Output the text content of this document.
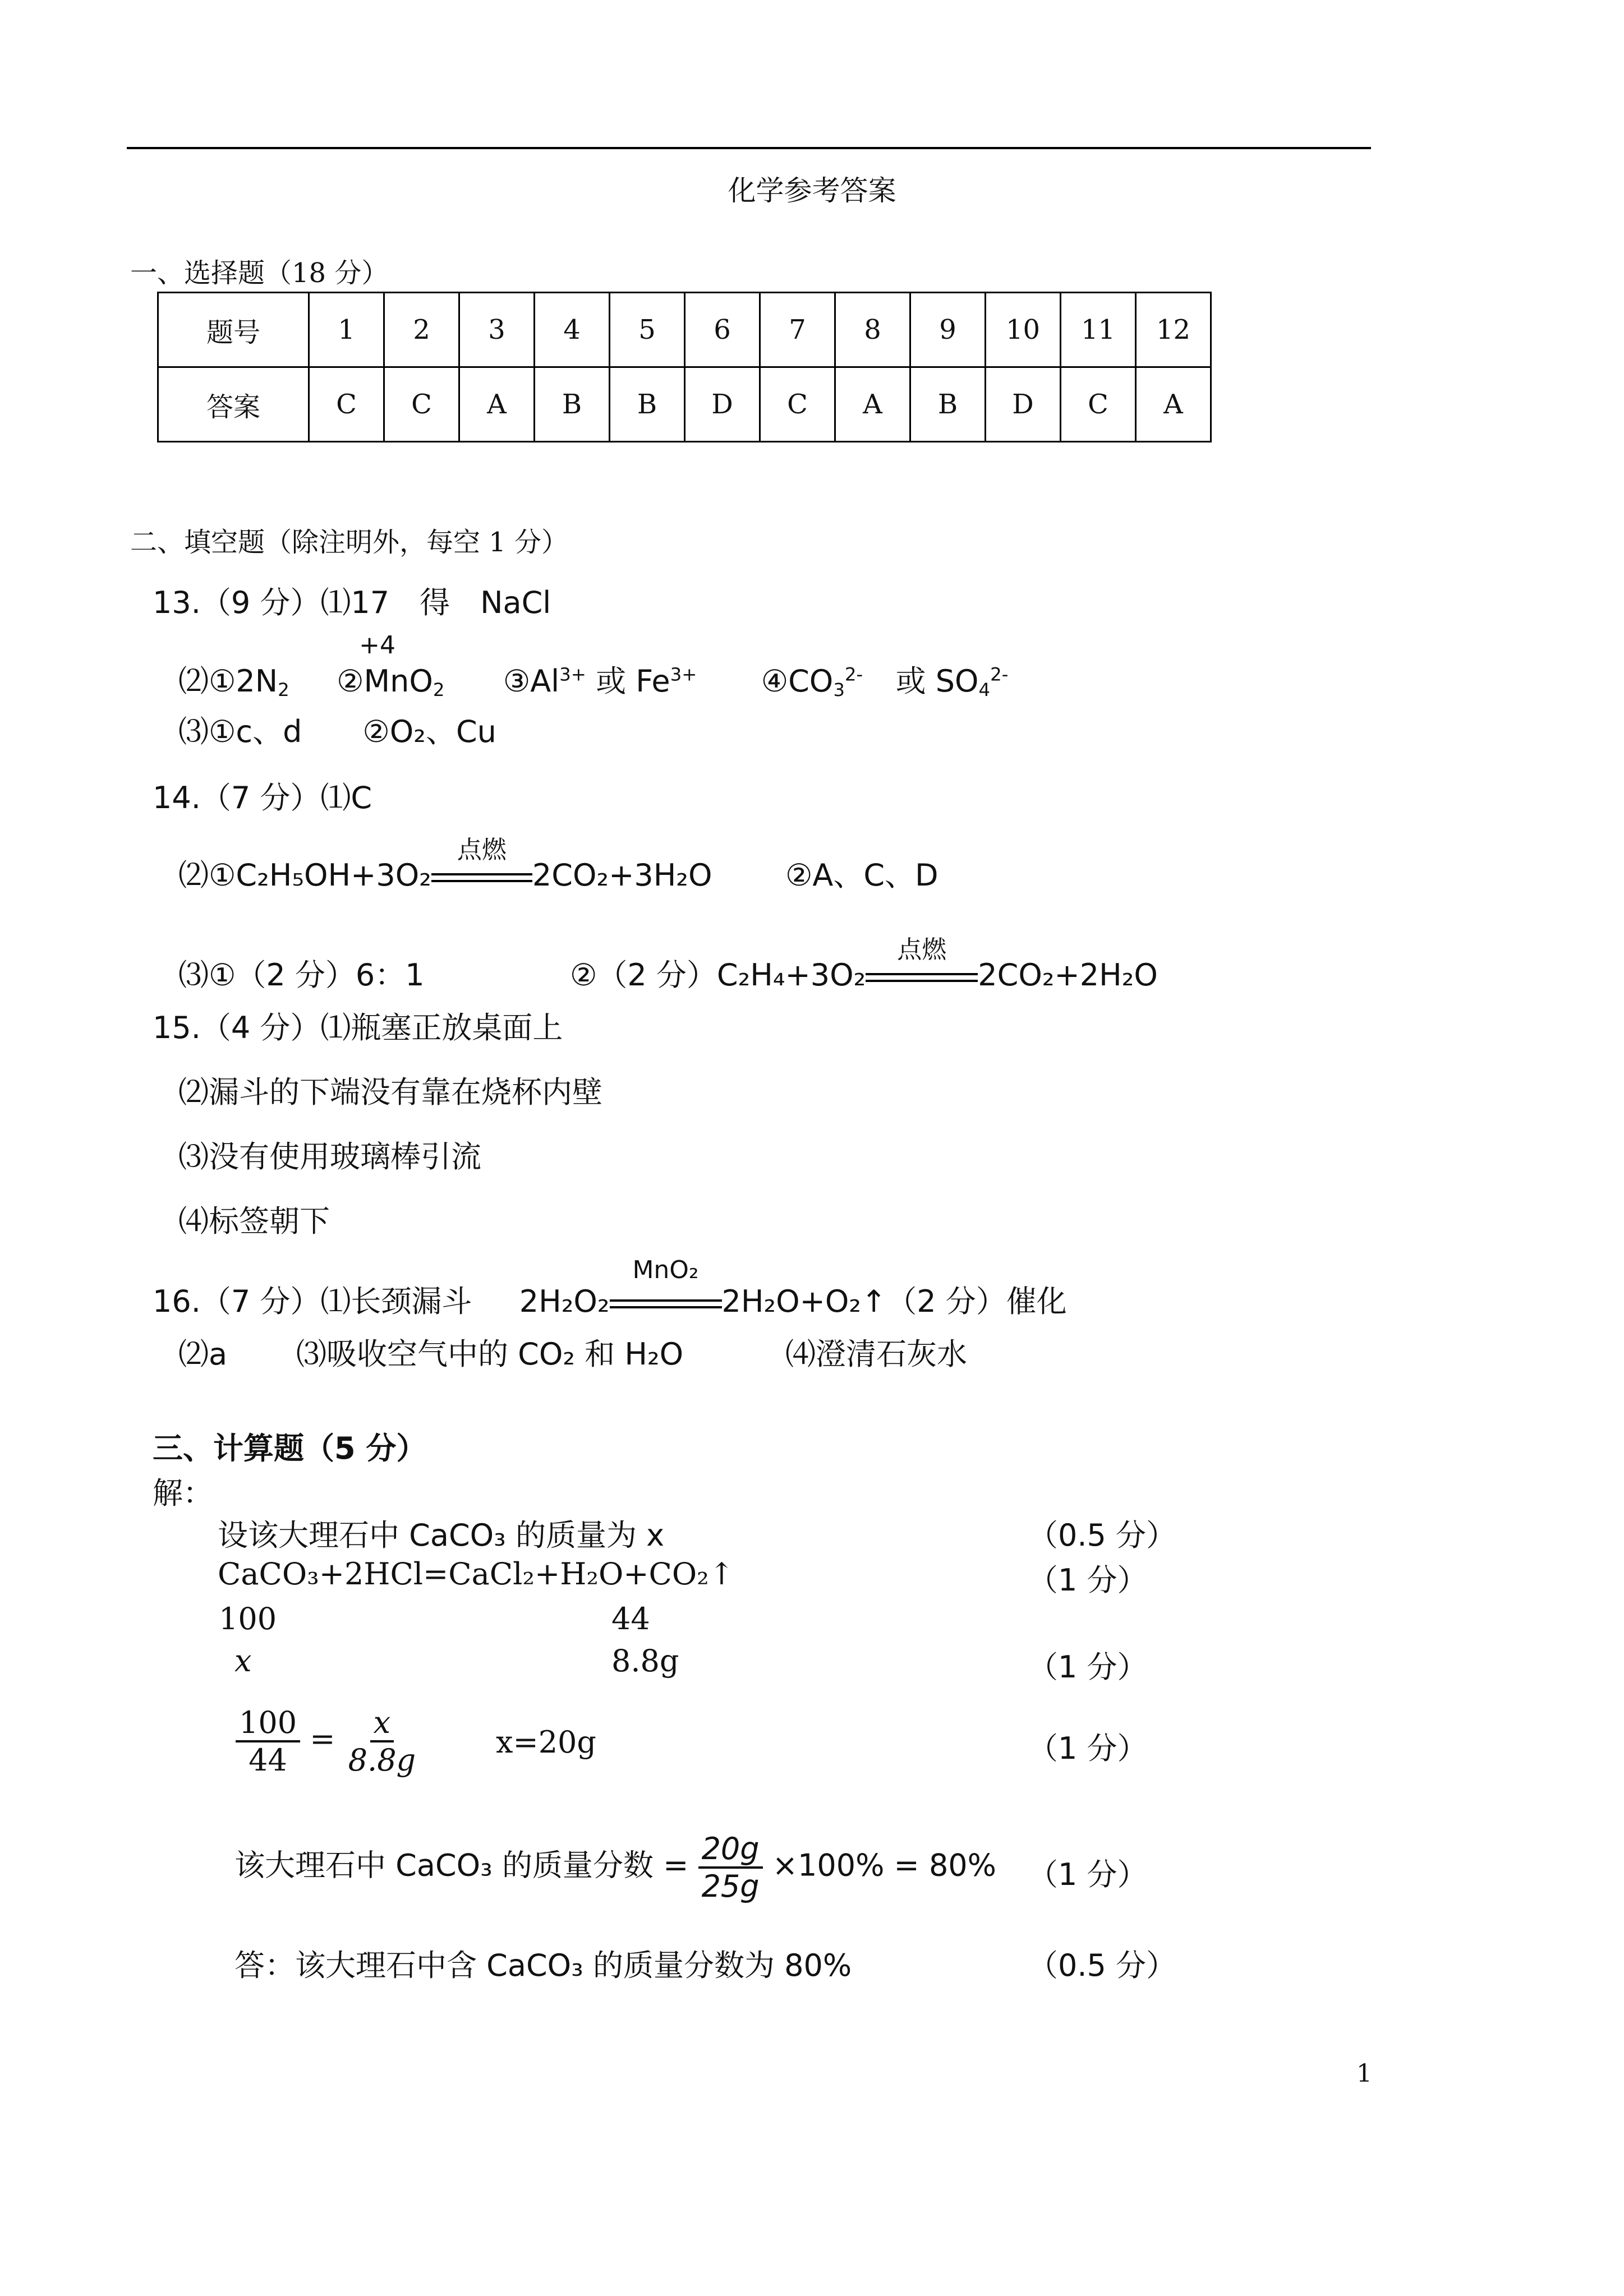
化学参考答案
一、选择题（18 分）
题号	1	2	3	4	5	6	7	8	9	10	11	12
答案	C	C	A	B	B	D	C	A	B	D	C	A
二、填空题（除注明外，每空 1 分）
13.（9 分）⑴17　得　NaCl
$⑵①2N_2$
+4
②MnO$_2$ $③Al^{3+}$ 或 $Fe^{3+}$ $④CO_3^{2-}$ 或 $SO_4^{2-}$
⑶①c、d　　②O₂、Cu
14.（7 分）⑴C
⑵①C₂H₅OH+3O₂
点燃
2CO₂+3H₂O ②A、C、D
⑶①（2 分）6：1	②（2 分）C₂H₄+3O₂
点燃
2CO₂+2H₂O
15.（4 分）⑴瓶塞正放桌面上
⑵漏斗的下端没有靠在烧杯内壁
⑶没有使用玻璃棒引流
⑷标签朝下
16.（7 分）⑴长颈漏斗 2H₂O₂
MnO₂
2H₂O+O₂↑（2 分）催化
⑵a ⑶吸收空气中的 CO₂ 和 H₂O	⑷澄清石灰水
三、计算题（5 分）
解：
设该大理石中 CaCO₃ 的质量为 x	（0.5 分）
CaCO₃+2HCl=CaCl₂+H₂O+CO₂↑	（1 分）
100	44
x	8.8g	（1 分）
$\frac{100}{44} = \frac{x}{8.8g}$	x=20g	（1 分）
该大理石中 CaCO₃ 的质量分数 = $\frac{20g}{25g} \times 100\% = 80\%$ （1 分）
答：该大理石中含 CaCO₃ 的质量分数为 80%	（0.5 分）
1
